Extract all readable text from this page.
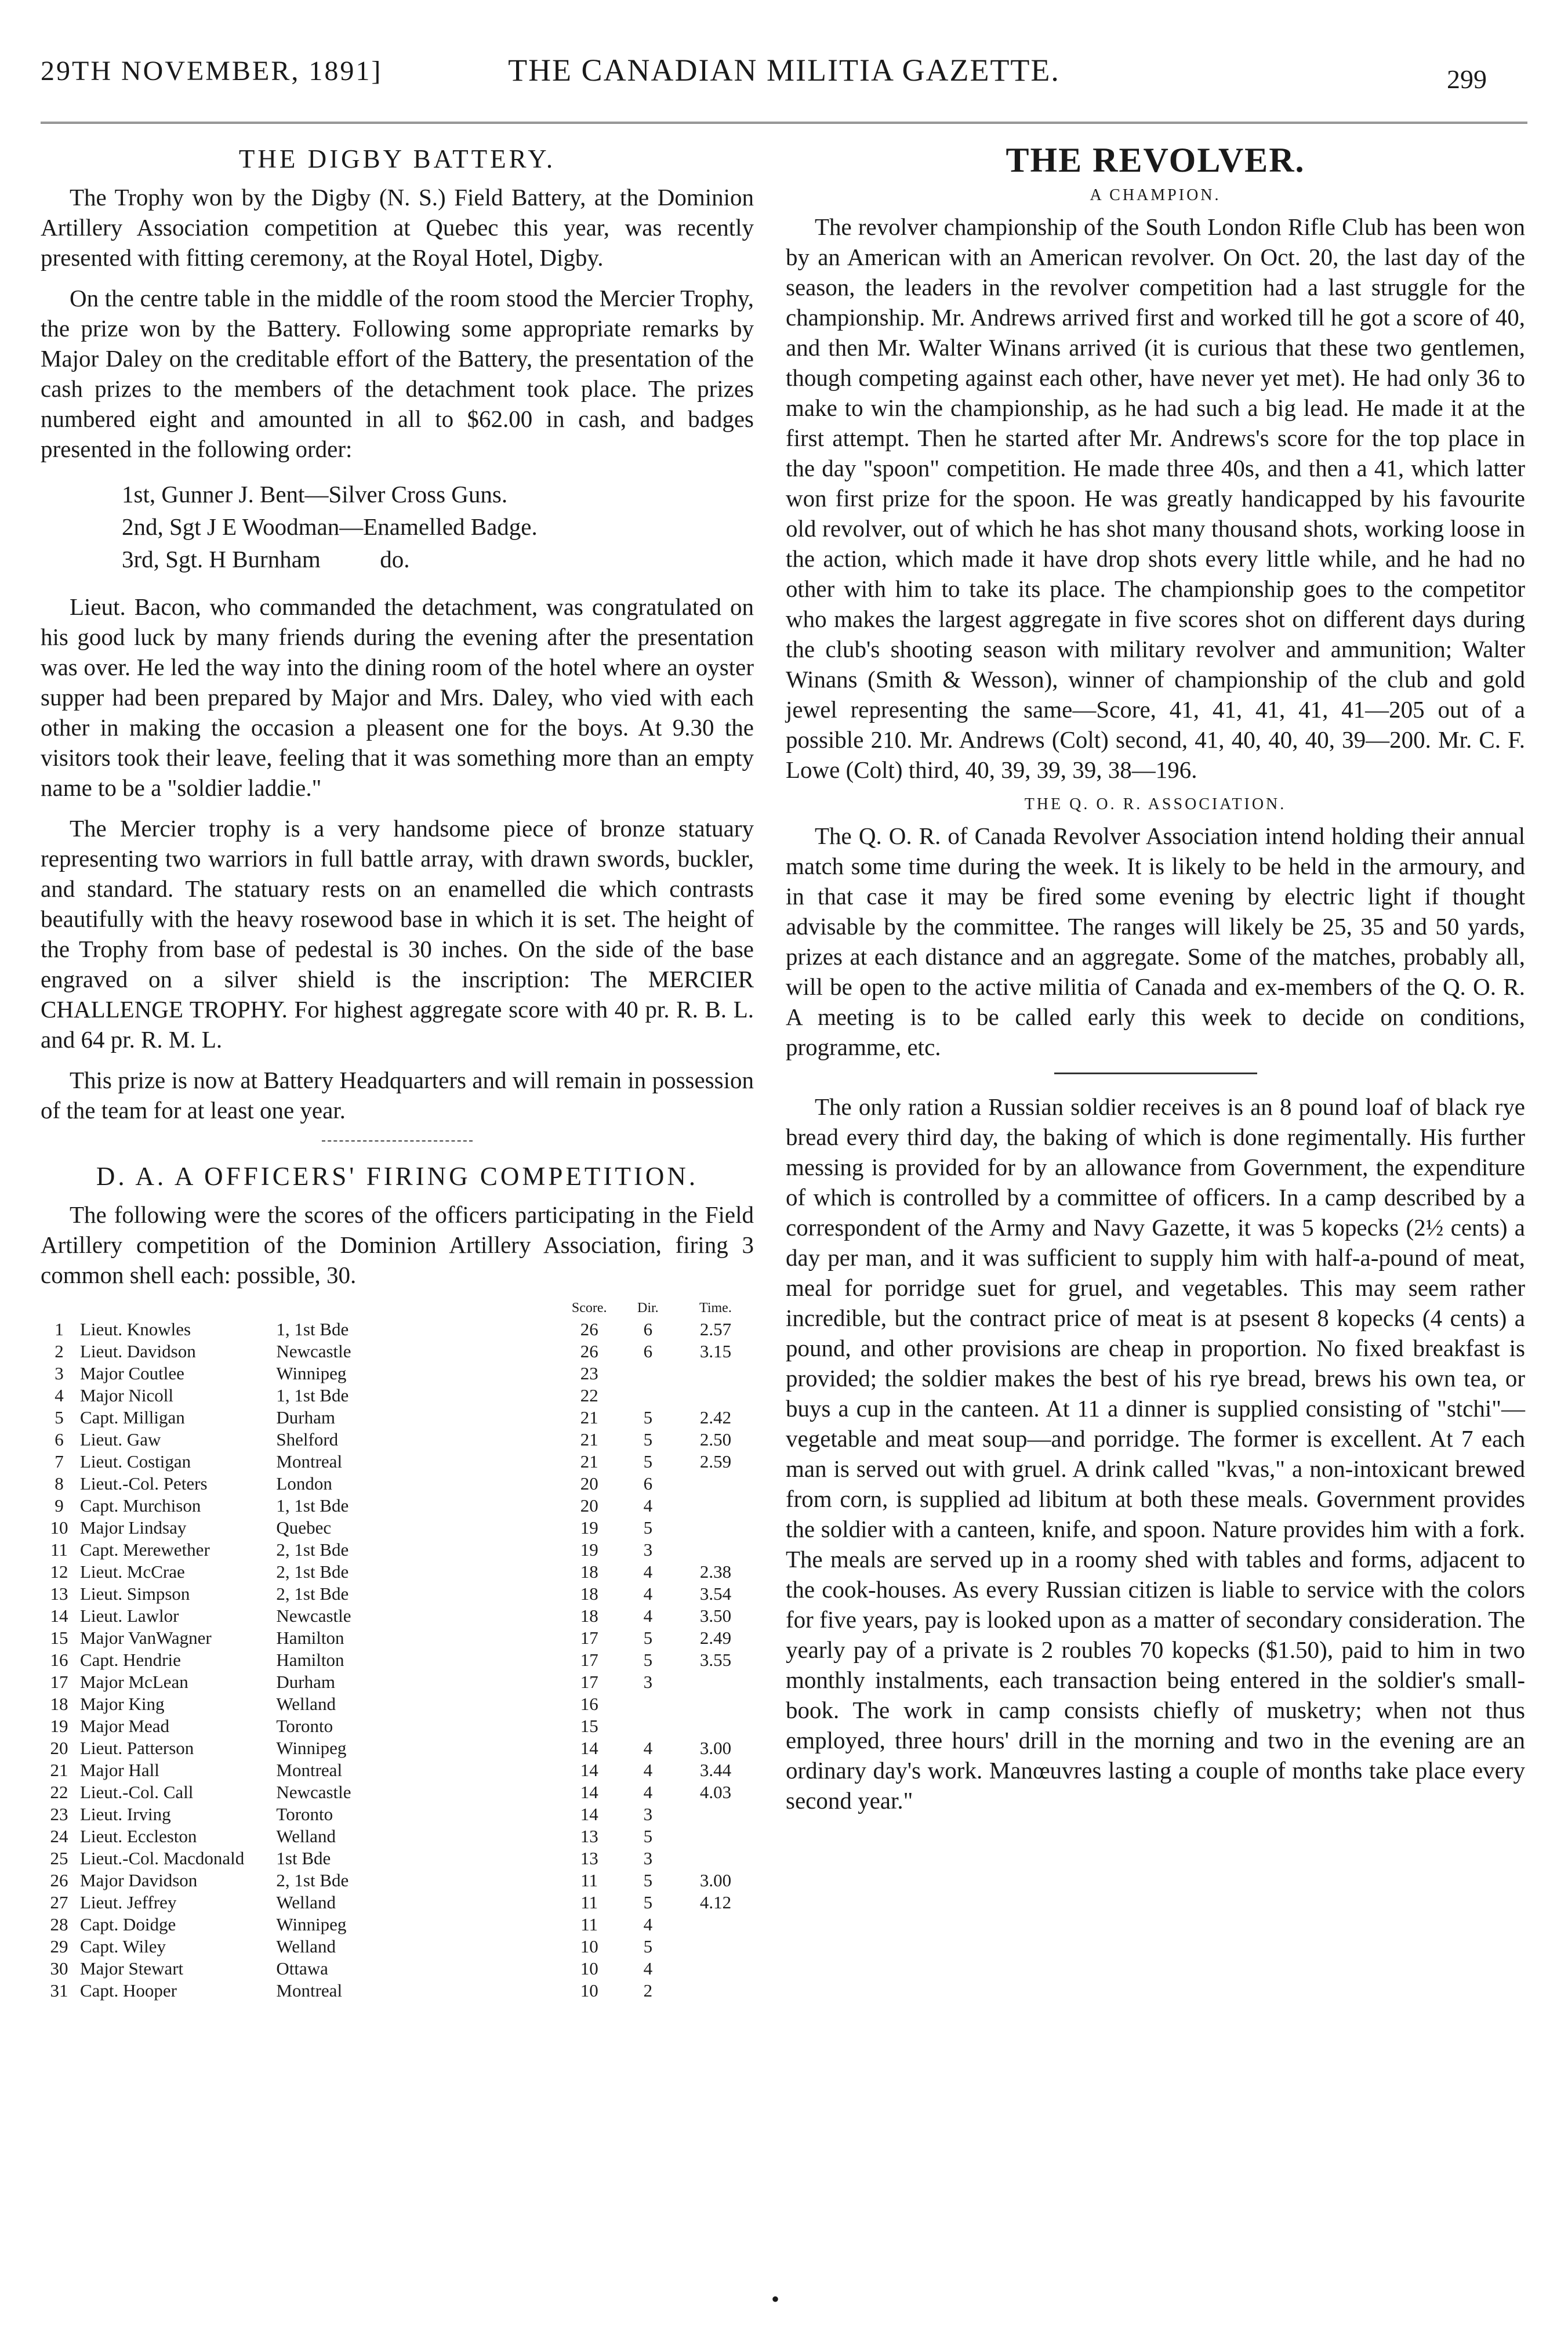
29TH NOVEMBER, 1891]	THE CANADIAN MILITIA GAZETTE.	299
THE DIGBY BATTERY.

The Trophy won by the Digby (N. S.) Field Battery, at the Dominion Artillery Association competition at Quebec this year, was recently presented with fitting ceremony, at the Royal Hotel, Digby.

On the centre table in the middle of the room stood the Mercier Trophy, the prize won by the Battery. Following some appropriate remarks by Major Daley on the creditable effort of the Battery, the presentation of the cash prizes to the members of the detachment took place. The prizes numbered eight and amounted in all to $62.00 in cash, and badges presented in the following order:

1st, Gunner J. Bent—Silver Cross Guns.
2nd, Sgt J E Woodman—Enamelled Badge.
3rd, Sgt. H Burnham          do.

Lieut. Bacon, who commanded the detachment, was congratulated on his good luck by many friends during the evening after the presentation was over. He led the way into the dining room of the hotel where an oyster supper had been prepared by Major and Mrs. Daley, who vied with each other in making the occasion a pleasent one for the boys. At 9.30 the visitors took their leave, feeling that it was something more than an empty name to be a "soldier laddie."

The Mercier trophy is a very handsome piece of bronze statuary representing two warriors in full battle array, with drawn swords, buckler, and standard. The statuary rests on an enamelled die which contrasts beautifully with the heavy rosewood base in which it is set. The height of the Trophy from base of pedestal is 30 inches. On the side of the base engraved on a silver shield is the inscription: The MERCIER CHALLENGE TROPHY. For highest aggregate score with 40 pr. R. B. L. and 64 pr. R. M. L.

This prize is now at Battery Headquarters and will remain in possession of the team for at least one year.

D. A. A OFFICERS' FIRING COMPETITION.

The following were the scores of the officers participating in the Field Artillery competition of the Dominion Artillery Association, firing 3 common shell each: possible, 30.

			Score.	Dir.	Time.
1	Lieut. Knowles	1, 1st Bde	26	6	2.57
2	Lieut. Davidson	Newcastle	26	6	3.15
3	Major Coutlee	Winnipeg	23		
4	Major Nicoll	1, 1st Bde	22		
5	Capt. Milligan	Durham	21	5	2.42
6	Lieut. Gaw	Shelford	21	5	2.50
7	Lieut. Costigan	Montreal	21	5	2.59
8	Lieut.-Col. Peters	London	20	6	
9	Capt. Murchison	1, 1st Bde	20	4	
10	Major Lindsay	Quebec	19	5	
11	Capt. Merewether	2, 1st Bde	19	3	
12	Lieut. McCrae	2, 1st Bde	18	4	2.38
13	Lieut. Simpson	2, 1st Bde	18	4	3.54
14	Lieut. Lawlor	Newcastle	18	4	3.50
15	Major VanWagner	Hamilton	17	5	2.49
16	Capt. Hendrie	Hamilton	17	5	3.55
17	Major McLean	Durham	17	3	
18	Major King	Welland	16		
19	Major Mead	Toronto	15		
20	Lieut. Patterson	Winnipeg	14	4	3.00
21	Major Hall	Montreal	14	4	3.44
22	Lieut.-Col. Call	Newcastle	14	4	4.03
23	Lieut. Irving	Toronto	14	3	
24	Lieut. Eccleston	Welland	13	5	
25	Lieut.-Col. Macdonald	1st Bde	13	3	
26	Major Davidson	2, 1st Bde	11	5	3.00
27	Lieut. Jeffrey	Welland	11	5	4.12
28	Capt. Doidge	Winnipeg	11	4	
29	Capt. Wiley	Welland	10	5	
30	Major Stewart	Ottawa	10	4	
31	Capt. Hooper	Montreal	10	2	
THE REVOLVER.
A CHAMPION.

The revolver championship of the South London Rifle Club has been won by an American with an American revolver. On Oct. 20, the last day of the season, the leaders in the revolver competition had a last struggle for the championship. Mr. Andrews arrived first and worked till he got a score of 40, and then Mr. Walter Winans arrived (it is curious that these two gentlemen, though competing against each other, have never yet met). He had only 36 to make to win the championship, as he had such a big lead. He made it at the first attempt. Then he started after Mr. Andrews's score for the top place in the day "spoon" competition. He made three 40s, and then a 41, which latter won first prize for the spoon. He was greatly handicapped by his favourite old revolver, out of which he has shot many thousand shots, working loose in the action, which made it have drop shots every little while, and he had no other with him to take its place. The championship goes to the competitor who makes the largest aggregate in five scores shot on different days during the club's shooting season with military revolver and ammunition; Walter Winans (Smith & Wesson), winner of championship of the club and gold jewel representing the same—Score, 41, 41, 41, 41, 41—205 out of a possible 210. Mr. Andrews (Colt) second, 41, 40, 40, 40, 39—200. Mr. C. F. Lowe (Colt) third, 40, 39, 39, 39, 38—196.

THE Q. O. R. ASSOCIATION.

The Q. O. R. of Canada Revolver Association intend holding their annual match some time during the week. It is likely to be held in the armoury, and in that case it may be fired some evening by electric light if thought advisable by the committee. The ranges will likely be 25, 35 and 50 yards, prizes at each distance and an aggregate. Some of the matches, probably all, will be open to the active militia of Canada and ex-members of the Q. O. R. A meeting is to be called early this week to decide on conditions, programme, etc.

The only ration a Russian soldier receives is an 8 pound loaf of black rye bread every third day, the baking of which is done regimentally. His further messing is provided for by an allowance from Government, the expenditure of which is controlled by a committee of officers. In a camp described by a correspondent of the Army and Navy Gazette, it was 5 kopecks (2½ cents) a day per man, and it was sufficient to supply him with half-a-pound of meat, meal for porridge suet for gruel, and vegetables. This may seem rather incredible, but the contract price of meat is at psesent 8 kopecks (4 cents) a pound, and other provisions are cheap in proportion. No fixed breakfast is provided; the soldier makes the best of his rye bread, brews his own tea, or buys a cup in the canteen. At 11 a dinner is supplied consisting of "stchi"—vegetable and meat soup—and porridge. The former is excellent. At 7 each man is served out with gruel. A drink called "kvas," a non-intoxicant brewed from corn, is supplied ad libitum at both these meals. Government provides the soldier with a canteen, knife, and spoon. Nature provides him with a fork. The meals are served up in a roomy shed with tables and forms, adjacent to the cook-houses. As every Russian citizen is liable to service with the colors for five years, pay is looked upon as a matter of secondary consideration. The yearly pay of a private is 2 roubles 70 kopecks ($1.50), paid to him in two monthly instalments, each transaction being entered in the soldier's small-book. The work in camp consists chiefly of musketry; when not thus employed, three hours' drill in the morning and two in the evening are an ordinary day's work. Manœuvres lasting a couple of months take place every second year."

•
